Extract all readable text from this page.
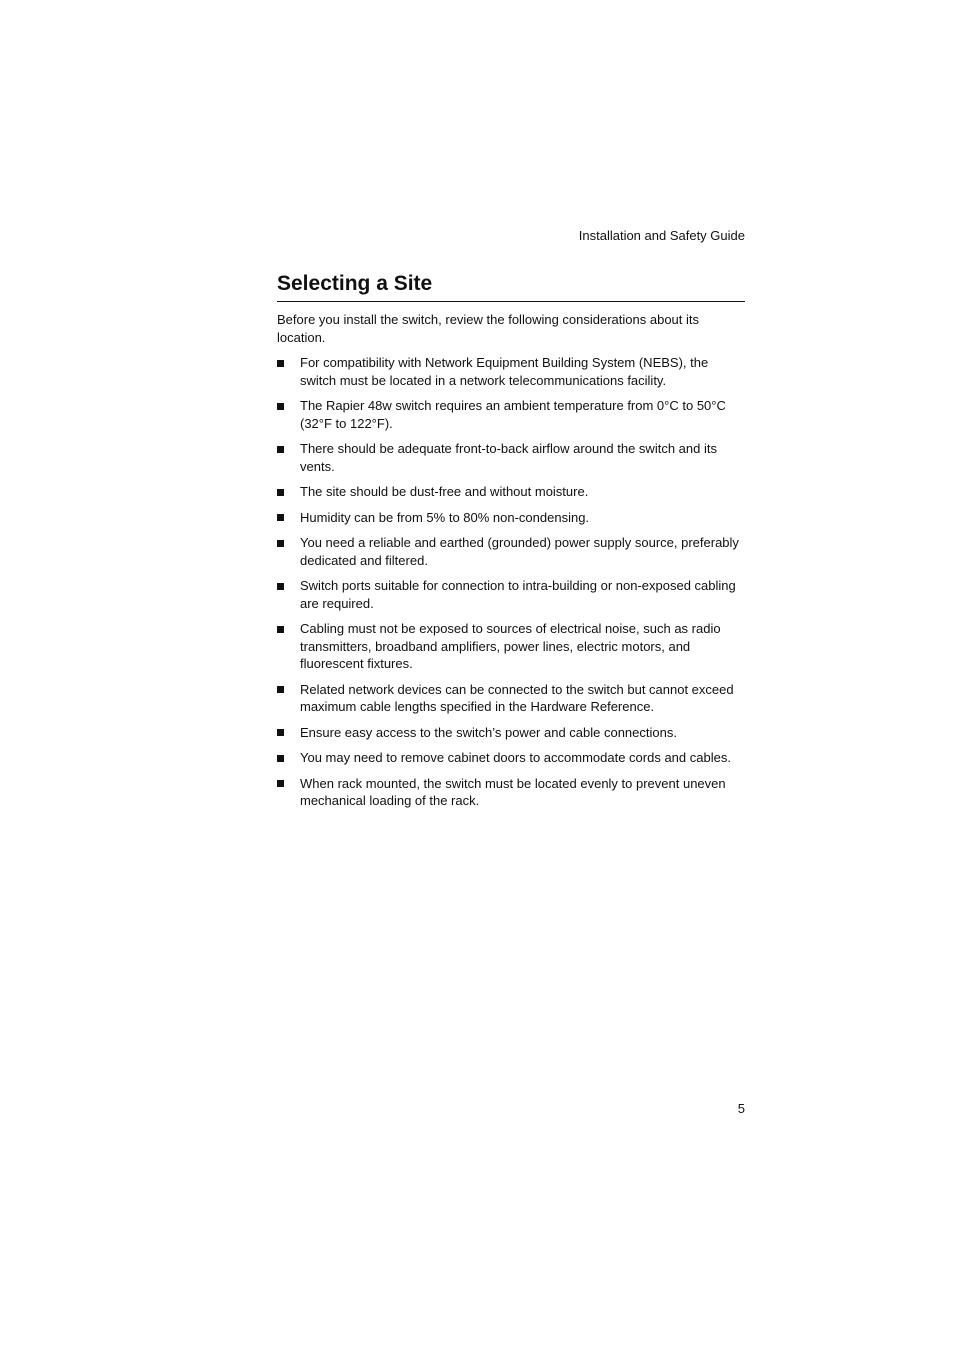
Installation and Safety Guide
Selecting a Site

Before you install the switch, review the following considerations about its location.

For compatibility with Network Equipment Building System (NEBS), the switch must be located in a network telecommunications facility.
The Rapier 48w switch requires an ambient temperature from 0°C to 50°C (32°F to 122°F).
There should be adequate front-to-back airflow around the switch and its vents.
The site should be dust-free and without moisture.
Humidity can be from 5% to 80% non-condensing.
You need a reliable and earthed (grounded) power supply source, preferably dedicated and filtered.
Switch ports suitable for connection to intra-building or non-exposed cabling are required.
Cabling must not be exposed to sources of electrical noise, such as radio transmitters, broadband amplifiers, power lines, electric motors, and fluorescent fixtures.
Related network devices can be connected to the switch but cannot exceed maximum cable lengths specified in the Hardware Reference.
Ensure easy access to the switch’s power and cable connections.
You may need to remove cabinet doors to accommodate cords and cables.
When rack mounted, the switch must be located evenly to prevent uneven mechanical loading of the rack.
5
